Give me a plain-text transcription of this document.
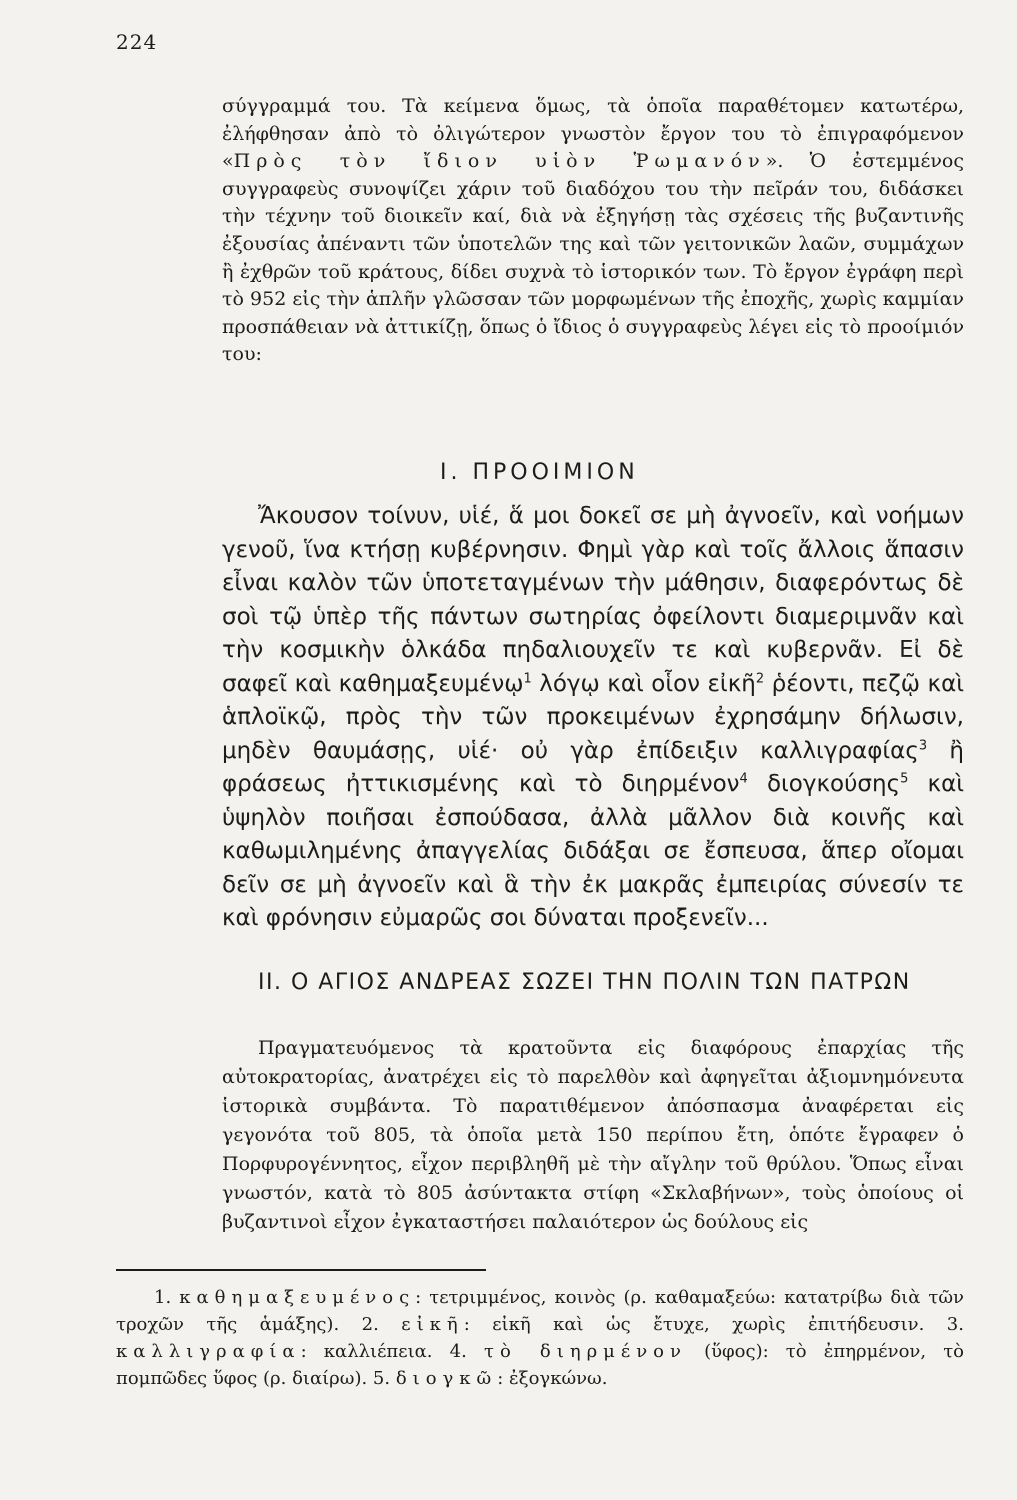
224
σύγγραμμά του. Τὰ κείμενα ὅμως, τὰ ὁποῖα παραθέτομεν κατωτέρω, ἐλήφθησαν ἀπὸ τὸ ὀλιγώτερον γνωστὸν ἔργον του τὸ ἐπιγραφόμενον «Πρὸς τὸν ἴδιον υἱὸν Ῥωμανόν». Ὁ ἐστεμμένος συγγραφεὺς συνοψίζει χάριν τοῦ διαδόχου του τὴν πεῖράν του, διδάσκει τὴν τέχνην τοῦ διοικεῖν καί, διὰ νὰ ἐξηγήσῃ τὰς σχέσεις τῆς βυζαντινῆς ἐξουσίας ἀπέναντι τῶν ὑποτελῶν της καὶ τῶν γειτονικῶν λαῶν, συμμάχων ἢ ἐχθρῶν τοῦ κράτους, δίδει συχνὰ τὸ ἱστορικόν των. Τὸ ἔργον ἐγράφη περὶ τὸ 952 εἰς τὴν ἁπλῆν γλῶσσαν τῶν μορφωμένων τῆς ἐποχῆς, χωρὶς καμμίαν προσπάθειαν νὰ ἀττικίζῃ, ὅπως ὁ ἴδιος ὁ συγγραφεὺς λέγει εἰς τὸ προοίμιόν του:
I. ΠΡΟΟΙΜΙΟΝ
Ἄκουσον τοίνυν, υἱέ, ἅ μοι δοκεῖ σε μὴ ἀγνοεῖν, καὶ νοήμων γενοῦ, ἵνα κτήσῃ κυβέρνησιν. Φημὶ γὰρ καὶ τοῖς ἄλλοις ἅπασιν εἶναι καλὸν τῶν ὑποτεταγμένων τὴν μάθησιν, διαφερόντως δὲ σοὶ τῷ ὑπὲρ τῆς πάντων σωτηρίας ὀφείλοντι διαμεριμνᾶν καὶ τὴν κοσμικὴν ὁλκάδα πηδαλιουχεῖν τε καὶ κυβερνᾶν. Εἰ δὲ σαφεῖ καὶ καθημαξευμένῳ$^1$ λόγῳ καὶ οἷον εἰκῆ$^2$ ῥέοντι, πεζῷ καὶ ἁπλοϊκῷ, πρὸς τὴν τῶν προκειμένων ἐχρησάμην δήλωσιν, μηδὲν θαυμάσῃς, υἱέ· οὐ γὰρ ἐπίδειξιν καλλιγραφίας$^3$ ἢ φράσεως ἠττικισμένης καὶ τὸ διηρμένον$^4$ διογκούσης$^5$ καὶ ὑψηλὸν ποιῆσαι ἐσπούδασα, ἀλλὰ μᾶλλον διὰ κοινῆς καὶ καθωμιλημένης ἀπαγγελίας διδάξαι σε ἔσπευσα, ἅπερ οἴομαι δεῖν σε μὴ ἀγνοεῖν καὶ ἃ τὴν ἐκ μακρᾶς ἐμπειρίας σύνεσίν τε καὶ φρόνησιν εὐμαρῶς σοι δύναται προξενεῖν...
II. Ο ΑΓΙΟΣ ΑΝΔΡΕΑΣ ΣΩΖΕΙ ΤΗΝ ΠΟΛΙΝ ΤΩΝ ΠΑΤΡΩΝ
Πραγματευόμενος τὰ κρατοῦντα εἰς διαφόρους ἐπαρχίας τῆς αὐτοκρατορίας, ἀνατρέχει εἰς τὸ παρελθὸν καὶ ἀφηγεῖται ἀξιομνημόνευτα ἱστορικὰ συμβάντα. Τὸ παρατιθέμενον ἀπόσπασμα ἀναφέρεται εἰς γεγονότα τοῦ 805, τὰ ὁποῖα μετὰ 150 περίπου ἔτη, ὁπότε ἔγραφεν ὁ Πορφυρογέννητος, εἶχον περιβληθῆ μὲ τὴν αἴγλην τοῦ θρύλου. Ὅπως εἶναι γνωστόν, κατὰ τὸ 805 ἀσύντακτα στίφη «Σκλαβήνων», τοὺς ὁποίους οἱ βυζαντινοὶ εἶχον ἐγκαταστήσει παλαιότερον ὡς δούλους εἰς
1. καθημαξευμένος: τετριμμένος, κοινὸς (ρ. καθαμαξεύω: κατατρίβω διὰ τῶν τροχῶν τῆς ἁμάξης). 2. εἰκῆ: εἰκῆ καὶ ὡς ἔτυχε, χωρὶς ἐπιτήδευσιν. 3. καλλιγραφία: καλλιέπεια. 4. τὸ διηρμένον (ὕφος): τὸ ἐπηρμένον, τὸ πομπῶδες ὕφος (ρ. διαίρω). 5. διογκῶ: ἐξογκώνω.
